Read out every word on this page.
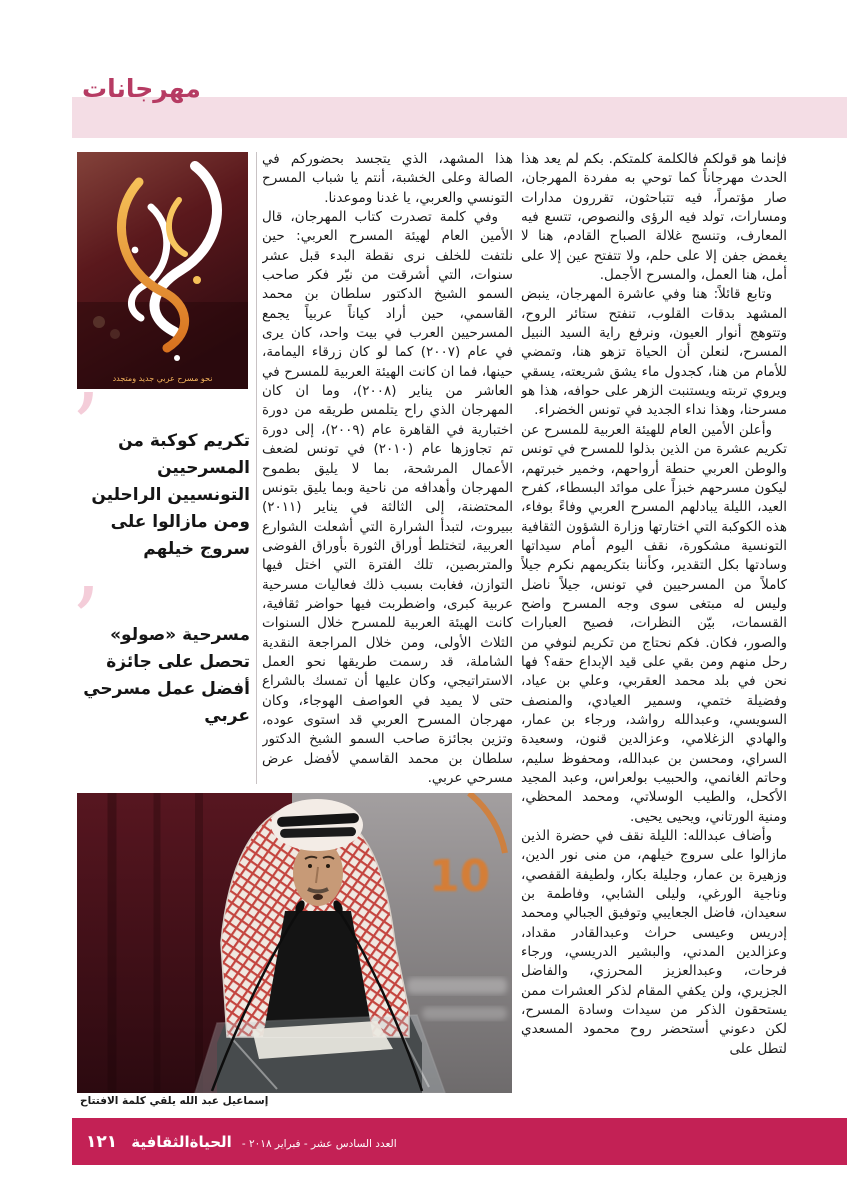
مهرجانات
نحو مسرح عربي جديد ومتجدد
’	تكريم كوكبة من المسرحيين التونسيين الراحلين ومن مازالوا على سروج خيلهم
’ مسرحية «صولو» تحصل على جائزة أفضل عمل مسرحي عربي

هذا المشهد، الذي يتجسد بحضوركم في الصالة وعلى الخشبة، أنتم يا شباب المسرح التونسي والعربي، يا غدنا وموعدنا.

وفي كلمة تصدرت كتاب المهرجان، قال الأمين العام لهيئة المسرح العربي: حين نلتفت للخلف نرى نقطة البدء قبل عشر سنوات، التي أشرقت من نيّر فكر صاحب السمو الشيخ الدكتور سلطان بن محمد القاسمي، حين أراد كياناً عربياً يجمع المسرحيين العرب في بيت واحد، كان يرى في عام (٢٠٠٧) كما لو كان زرقاء اليمامة، حينها، فما ان كانت الهيئة العربية للمسرح في العاشر من يناير (٢٠٠٨)، وما ان كان المهرجان الذي راح يتلمس طريقه من دورة اختبارية في القاهرة عام (٢٠٠٩)، إلى دورة تم تجاوزها عام (٢٠١٠) في تونس لضعف الأعمال المرشحة، بما لا يليق بطموح المهرجان وأهدافه من ناحية وبما يليق بتونس المحتضنة، إلى الثالثة في يناير (٢٠١١) ببيروت، لتبدأ الشرارة التي أشعلت الشوارع العربية، لتختلط أوراق الثورة بأوراق الفوضى والمتربصين، تلك الفترة التي اختل فيها التوازن، فغابت بسبب ذلك فعاليات مسرحية عربية كبرى، واضطربت فيها حواضر ثقافية، كانت الهيئة العربية للمسرح خلال السنوات الثلاث الأولى، ومن خلال المراجعة النقدية الشاملة، قد رسمت طريقها نحو العمل الاستراتيجي، وكان عليها أن تمسك بالشراع حتى لا يميد في العواصف الهوجاء، وكان مهرجان المسرح العربي قد استوى عوده، وتزين بجائزة صاحب السمو الشيخ الدكتور سلطان بن محمد القاسمي لأفضل عرض مسرحي عربي.

فإنما هو قولكم فالكلمة كلمتكم. بكم لم يعد هذا الحدث مهرجاناً كما توحي به مفردة المهرجان، صار مؤتمراً، فيه تتباحثون، تقررون مدارات ومسارات، تولد فيه الرؤى والنصوص، تتسع فيه المعارف، وتنسج غلالة الصباح القادم، هنا لا يغمض جفن إلا على حلم، ولا تتفتح عين إلا على أمل، هنا العمل، والمسرح الأجمل.

وتابع قائلاً: هنا وفي عاشرة المهرجان، ينبض المشهد بدقات القلوب، تنفتح ستائر الروح، وتتوهج أنوار العيون، ونرفع راية السيد النبيل المسرح، لنعلن أن الحياة تزهو هنا، وتمضي للأمام من هنا، كجدول ماء يشق شريعته، يسقي ويروي تربته ويستنبت الزهر على حوافه، هذا هو مسرحنا، وهذا نداء الجديد في تونس الخضراء.

وأعلن الأمين العام للهيئة العربية للمسرح عن تكريم عشرة من الذين بذلوا للمسرح في تونس والوطن العربي حنطة أرواحهم، وخمير خبرتهم، ليكون مسرحهم خبزاً على موائد البسطاء، كفرح العيد، الليلة يبادلهم المسرح العربي وفاءً بوفاء، هذه الكوكبة التي اختارتها وزارة الشؤون الثقافية التونسية مشكورة، نقف اليوم أمام سيداتها وسادتها بكل التقدير، وكأننا بتكريمهم نكرم جيلاً كاملاً من المسرحيين في تونس، جيلاً ناضل وليس له مبتغى سوى وجه المسرح واضح القسمات، بيّن النظرات، فصيح العبارات والصور، فكان. فكم نحتاج من تكريم لنوفي من رحل منهم ومن بقي على قيد الإبداع حقه؟ فها نحن في بلد محمد العقربي، وعلي بن عياد، وفضيلة ختمي، وسمير العيادي، والمنصف السويسي، وعبدالله رواشد، ورجاء بن عمار، والهادي الزغلامي، وعزالدين قنون، وسعيدة السراي، ومحسن بن عبدالله، ومحفوظ سليم، وحاتم الغانمي، والحبيب بولعراس، وعبد المجيد الأكحل، والطيب الوسلاتي، ومحمد المحظي، ومنية الورتاني، ويحيى يحيى.

وأضاف عبدالله: الليلة نقف في حضرة الذين مازالوا على سروج خيلهم، من منى نور الدين، وزهيرة بن عمار، وجليلة بكار، ولطيفة القفصي، وناجية الورغي، وليلى الشابي، وفاطمة بن سعيدان، فاضل الجعايبي وتوفيق الجبالي ومحمد إدريس وعيسى حراث وعبدالقادر مقداد، وعزالدين المدني، والبشير الدريسي، ورجاء فرحات، وعبدالعزيز المحرزي، والفاضل الجزيري، ولن يكفي المقام لذكر العشرات ممن يستحقون الذكر من سيدات وسادة المسرح، لكن دعوني أستحضر روح محمود المسعدي لتطل على

10
إسماعيل عبد الله يلقي كلمة الافتتاح
العدد السادس عشر - فبراير ٢٠١٨ - الحياةالثقافية ١٢١
